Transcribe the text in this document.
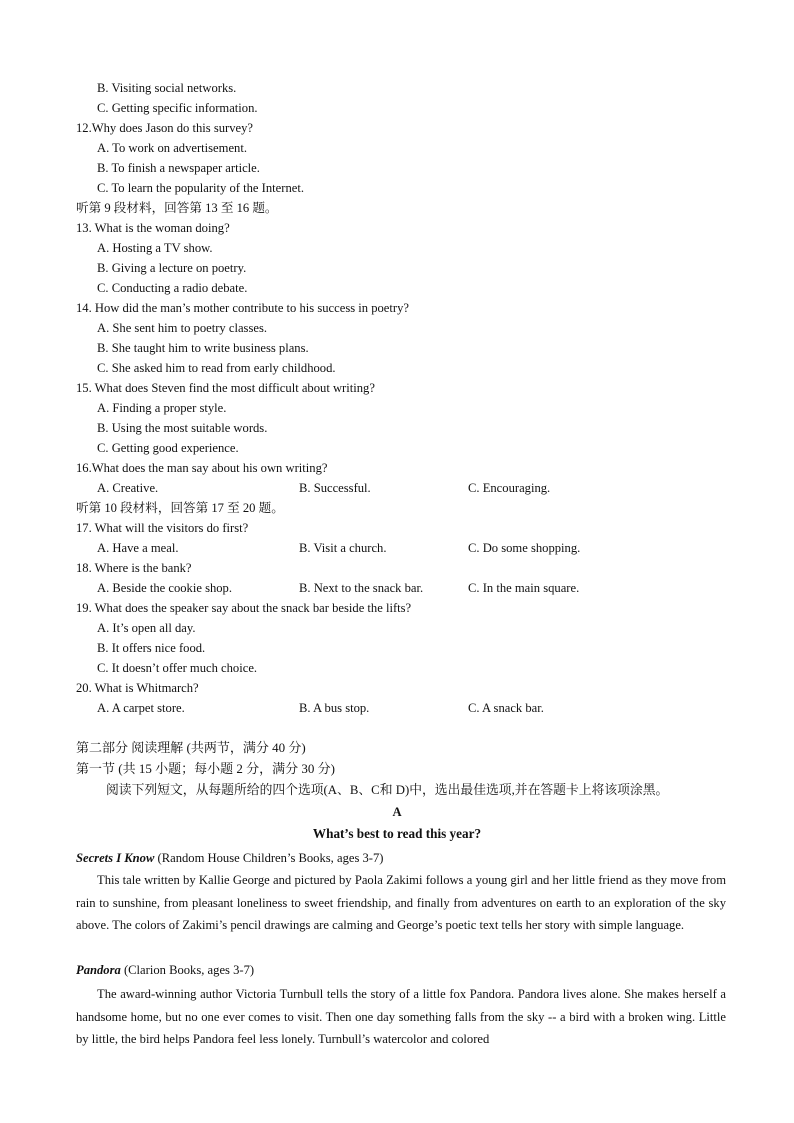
B. Visiting social networks.
C. Getting specific information.
12.Why does Jason do this survey?
A. To work on advertisement.
B. To finish a newspaper article.
C. To learn the popularity of the Internet.
听第 9 段材料，回答第 13 至 16 题。
13. What is the woman doing?
A. Hosting a TV show.
B. Giving a lecture on poetry.
C. Conducting a radio debate.
14. How did the man’s mother contribute to his success in poetry?
A. She sent him to poetry classes.
B. She taught him to write business plans.
C. She asked him to read from early childhood.
15. What does Steven find the most difficult about writing?
A. Finding a proper style.
B. Using the most suitable words.
C. Getting good experience.
16.What does the man say about his own writing?
A. Creative.	B. Successful.	C. Encouraging.
听第 10 段材料，回答第 17 至 20 题。
17. What will the visitors do first?
A. Have a meal.	B. Visit a church.	C. Do some shopping.
18. Where is the bank?
A. Beside the cookie shop.	B. Next to the snack bar.	C. In the main square.
19. What does the speaker say about the snack bar beside the lifts?
A. It’s open all day.
B. It offers nice food.
C. It doesn’t offer much choice.
20. What is Whitmarch?
A. A carpet store.	B. A bus stop.	C. A snack bar.
第二部分 阅读理解 (共两节，满分 40 分)
第一节 (共 15 小题；每小题 2 分，满分 30 分)
阅读下列短文，从每题所给的四个选项(A、B、C和 D)中，选出最佳选项,并在答题卡上将该项涂黑。
A
What’s best to read this year?
Secrets I Know (Random House Children’s Books, ages 3-7)

This tale written by Kallie George and pictured by Paola Zakimi follows a young girl and her little friend as they move from rain to sunshine, from pleasant loneliness to sweet friendship, and finally from adventures on earth to an exploration of the sky above. The colors of Zakimi’s pencil drawings are calming and George’s poetic text tells her story with simple language.

Pandora (Clarion Books, ages 3-7)

The award-winning author Victoria Turnbull tells the story of a little fox Pandora. Pandora lives alone. She makes herself a handsome home, but no one ever comes to visit. Then one day something falls from the sky -- a bird with a broken wing. Little by little, the bird helps Pandora feel less lonely. Turnbull’s watercolor and colored
